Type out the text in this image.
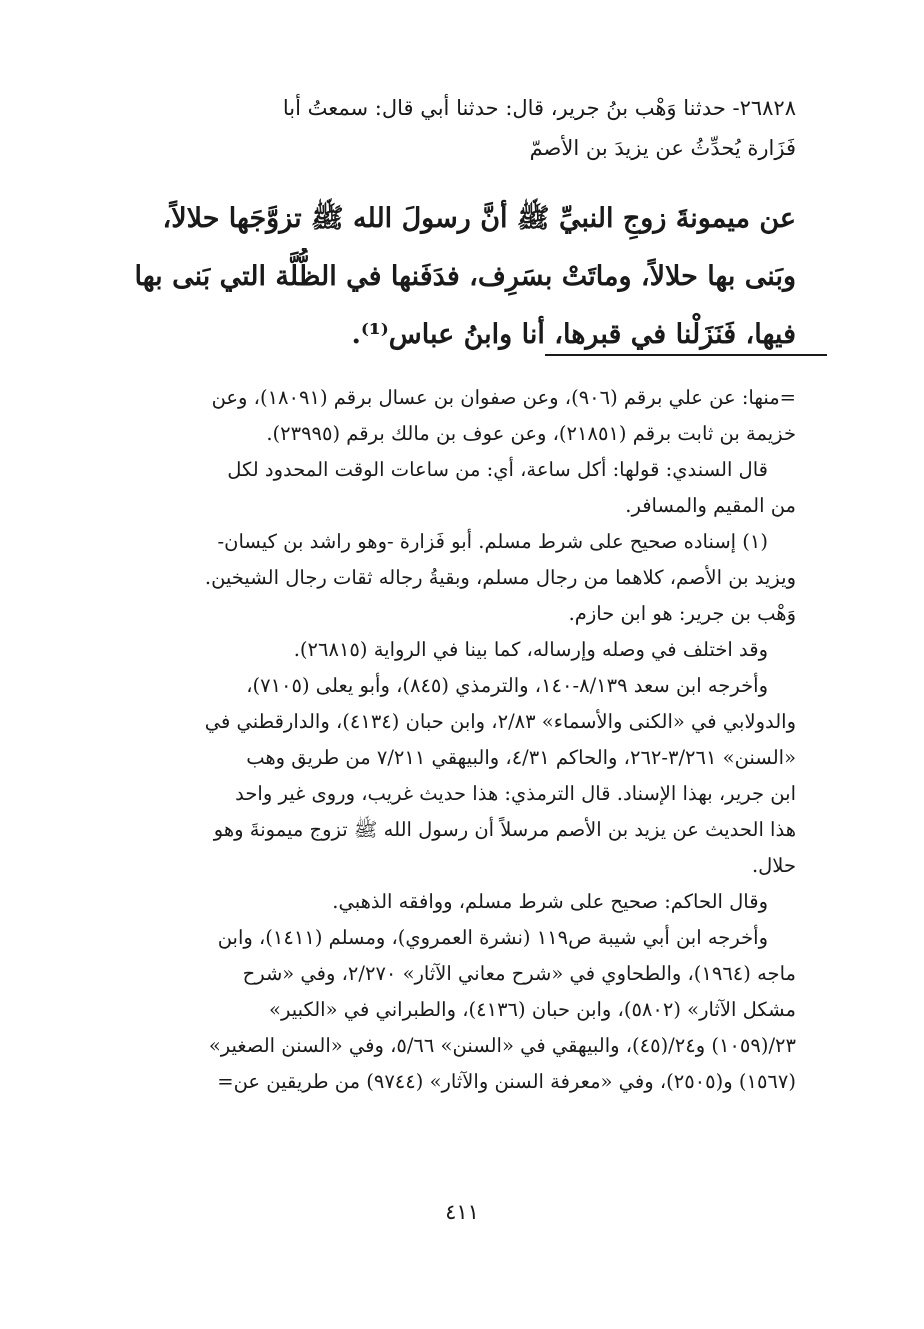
٢٦٨٢٨- حدثنا وَهْب بنُ جرير، قال: حدثنا أبي قال: سمعتُ أبا
فَزَارة يُحدِّثُ عن يزيدَ بن الأصمّ
عن ميمونةَ زوجِ النبيِّ ﷺ أنَّ رسولَ الله ﷺ تزوَّجَها حلالاً،
وبَنى بها حلالاً، وماتَتْ بسَرِف، فدَفَنها في الظُّلَّة التي بَنى بها
فيها، فَنَزَلْنا في قبرها، أنا وابنُ عباس⁽¹⁾.
=منها: عن علي برقم (٩٠٦)، وعن صفوان بن عسال برقم (١٨٠٩١)، وعن
خزيمة بن ثابت برقم (٢١٨٥١)، وعن عوف بن مالك برقم (٢٣٩٩٥).
قال السندي: قولها: أكل ساعة، أي: من ساعات الوقت المحدود لكل
من المقيم والمسافر.
(١) إسناده صحيح على شرط مسلم. أبو فَزارة -وهو راشد بن كيسان-
ويزيد بن الأصم، كلاهما من رجال مسلم، وبقيةُ رجاله ثقات رجال الشيخين.
وَهْب بن جرير: هو ابن حازم.
وقد اختلف في وصله وإرساله، كما بينا في الرواية (٢٦٨١٥).
وأخرجه ابن سعد ٨/١٣٩-١٤٠، والترمذي (٨٤٥)، وأبو يعلى (٧١٠٥)،
والدولابي في «الكنى والأسماء» ٢/٨٣، وابن حبان (٤١٣٤)، والدارقطني في
«السنن» ٣/٢٦١-٢٦٢، والحاكم ٤/٣١، والبيهقي ٧/٢١١ من طريق وهب
ابن جرير، بهذا الإسناد. قال الترمذي: هذا حديث غريب، وروى غير واحد
هذا الحديث عن يزيد بن الأصم مرسلاً أن رسول الله ﷺ تزوج ميمونةَ وهو
حلال.
وقال الحاكم: صحيح على شرط مسلم، ووافقه الذهبي.
وأخرجه ابن أبي شيبة ص١١٩ (نشرة العمروي)، ومسلم (١٤١١)، وابن
ماجه (١٩٦٤)، والطحاوي في «شرح معاني الآثار» ٢/٢٧٠، وفي «شرح
مشكل الآثار» (٥٨٠٢)، وابن حبان (٤١٣٦)، والطبراني في «الكبير»
٢٣/(١٠٥٩) و٢٤/(٤٥)، والبيهقي في «السنن» ٥/٦٦، وفي «السنن الصغير»
(١٥٦٧) و(٢٥٠٥)، وفي «معرفة السنن والآثار» (٩٧٤٤) من طريقين عن=
٤١١
